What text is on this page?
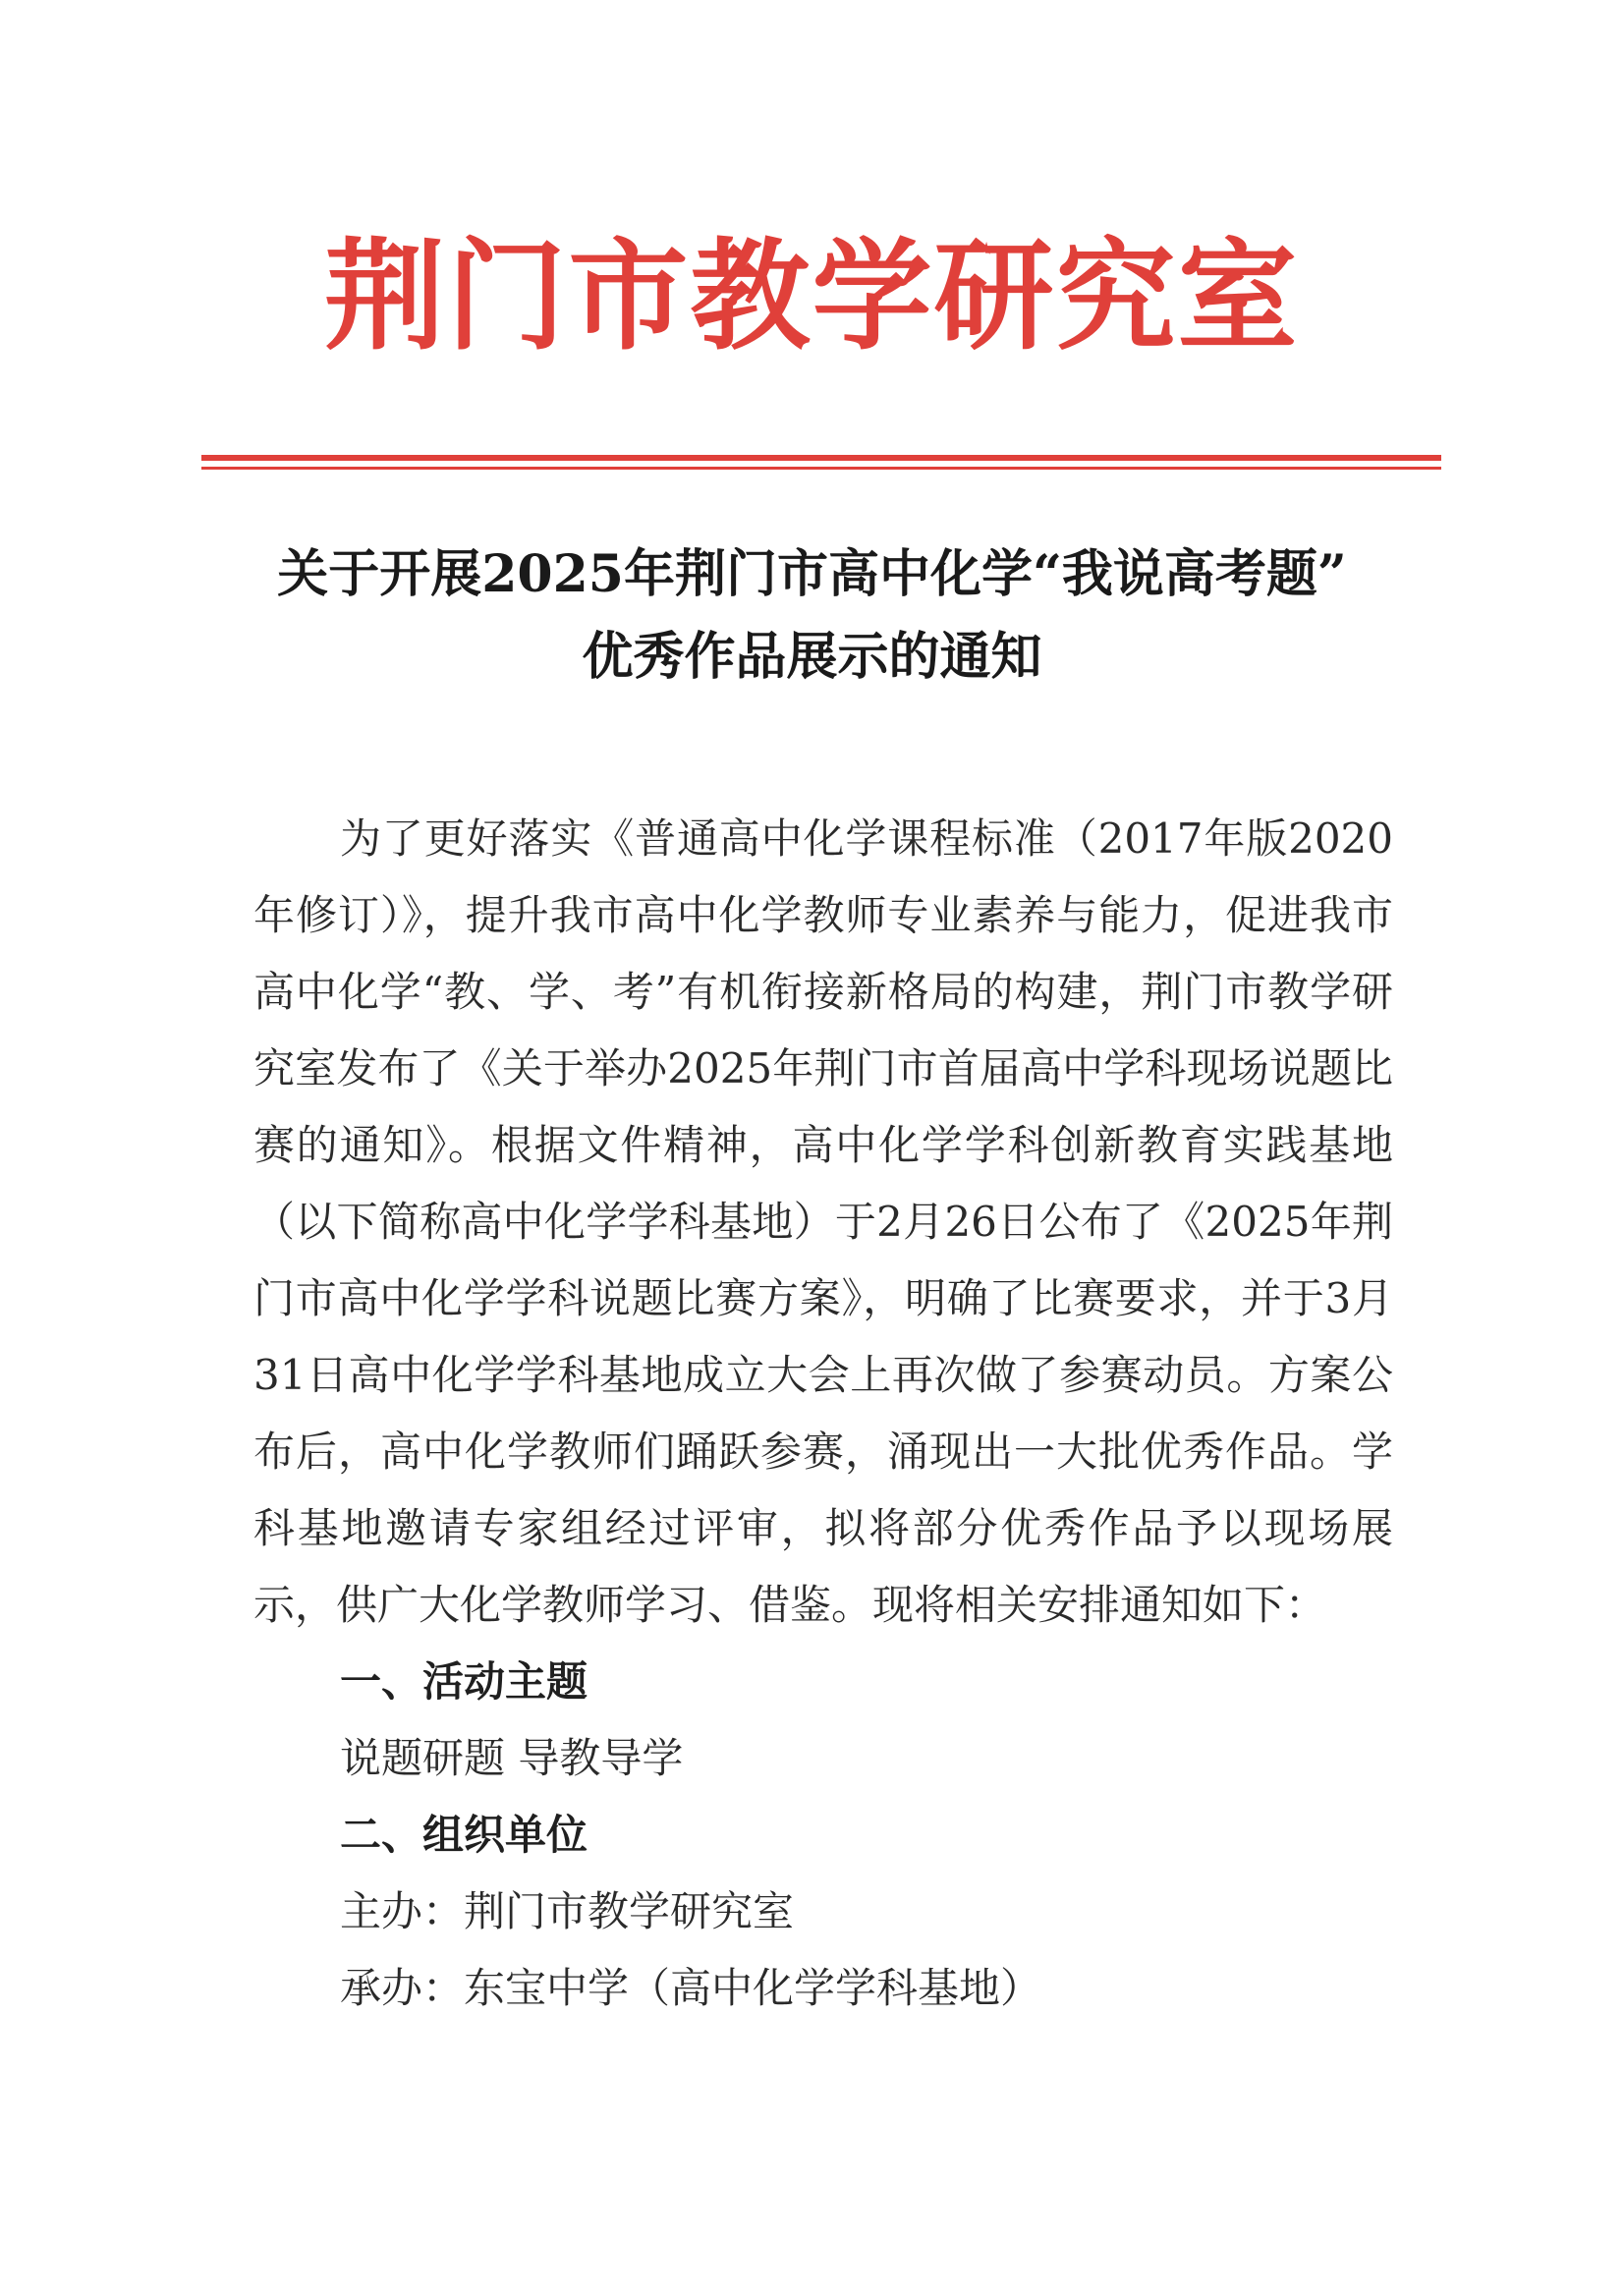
荆门市教学研究室
关于开展2025年荆门市高中化学“我说高考题”
优秀作品展示的通知

为了更好落实《普通高中化学课程标准（2017年版2020年修订）》，提升我市高中化学教师专业素养与能力，促进我市高中化学“教、学、考”有机衔接新格局的构建，荆门市教学研究室发布了《关于举办2025年荆门市首届高中学科现场说题比赛的通知》。根据文件精神，高中化学学科创新教育实践基地（以下简称高中化学学科基地）于2月26日公布了《2025年荆门市高中化学学科说题比赛方案》，明确了比赛要求，并于3月31日高中化学学科基地成立大会上再次做了参赛动员。方案公布后，高中化学教师们踊跃参赛，涌现出一大批优秀作品。学科基地邀请专家组经过评审，拟将部分优秀作品予以现场展示，供广大化学教师学习、借鉴。现将相关安排通知如下：

一、活动主题

说题研题 导教导学

二、组织单位

主办：荆门市教学研究室

承办：东宝中学（高中化学学科基地）
